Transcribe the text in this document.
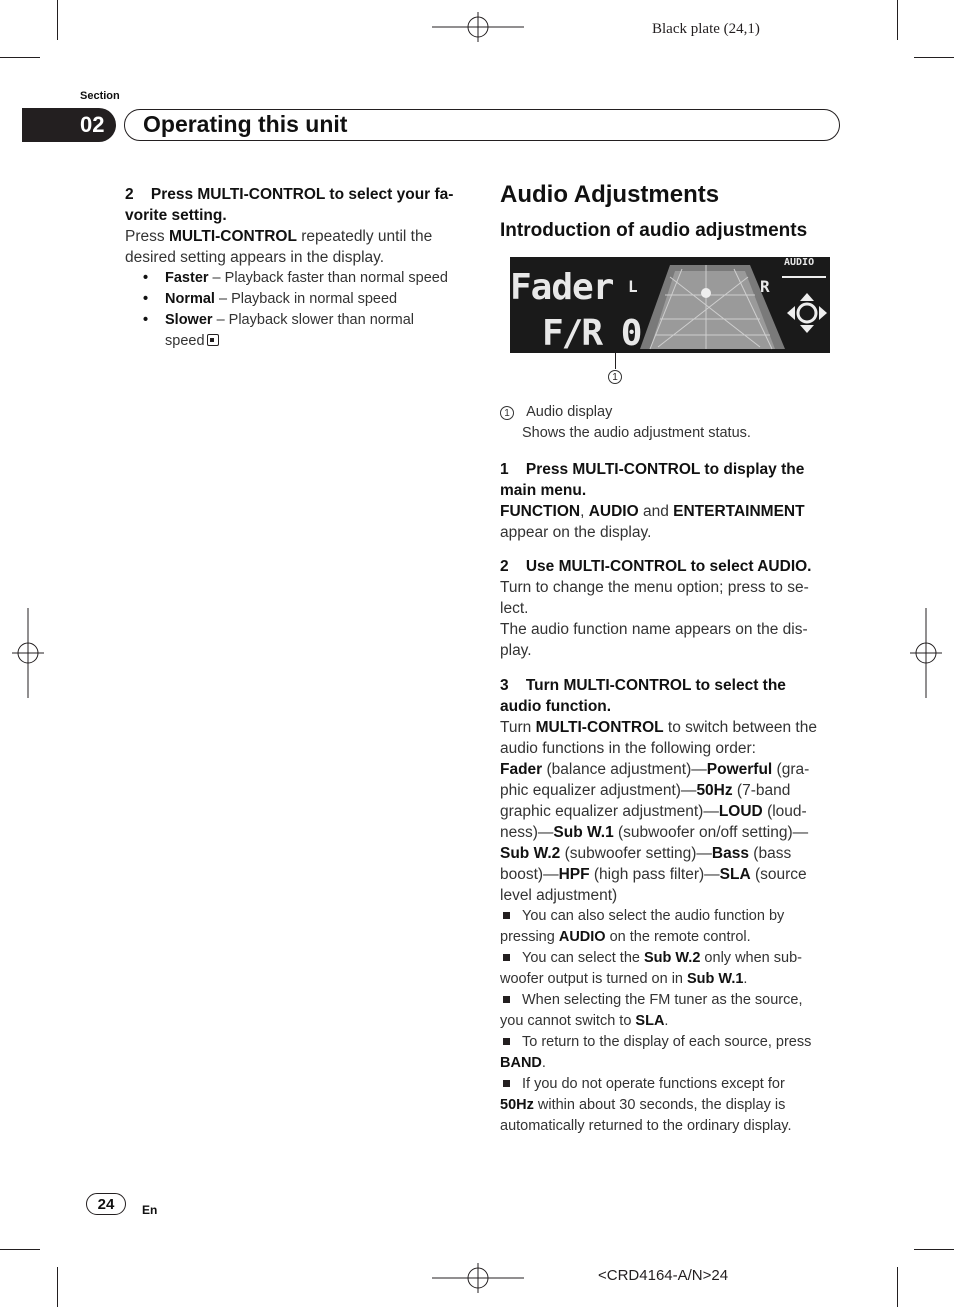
Black plate (24,1)
Section
02 Operating this unit

2 Press MULTI-CONTROL to select your fa-
vorite setting.

Press MULTI-CONTROL repeatedly until the
desired setting appears in the display.

• Faster – Playback faster than normal speed
• Normal – Playback in normal speed
• Slower – Playback slower than normal
speed
Audio Adjustments
Introduction of audio adjustments
Fader
F/R 0
AUDIO
L	R
1

1 Audio display

Shows the audio adjustment status.

1 Press MULTI-CONTROL to display the
main menu.

FUNCTION, AUDIO and ENTERTAINMENT
appear on the display.

2 Use MULTI-CONTROL to select AUDIO.

Turn to change the menu option; press to se-
lect.
The audio function name appears on the dis-
play.

3 Turn MULTI-CONTROL to select the
audio function.

Turn MULTI-CONTROL to switch between the
audio functions in the following order:
Fader (balance adjustment)—Powerful (gra-
phic equalizer adjustment)—50Hz (7-band
graphic equalizer adjustment)—LOUD (loud-
ness)—Sub W.1 (subwoofer on/off setting)—
Sub W.2 (subwoofer setting)—Bass (bass
boost)—HPF (high pass filter)—SLA (source
level adjustment)

You can also select the audio function by
pressing AUDIO on the remote control.

You can select the Sub W.2 only when sub-
woofer output is turned on in Sub W.1.

When selecting the FM tuner as the source,
you cannot switch to SLA.

To return to the display of each source, press
BAND.

If you do not operate functions except for
50Hz within about 30 seconds, the display is
automatically returned to the ordinary display.

24	En
<CRD4164-A/N>24
